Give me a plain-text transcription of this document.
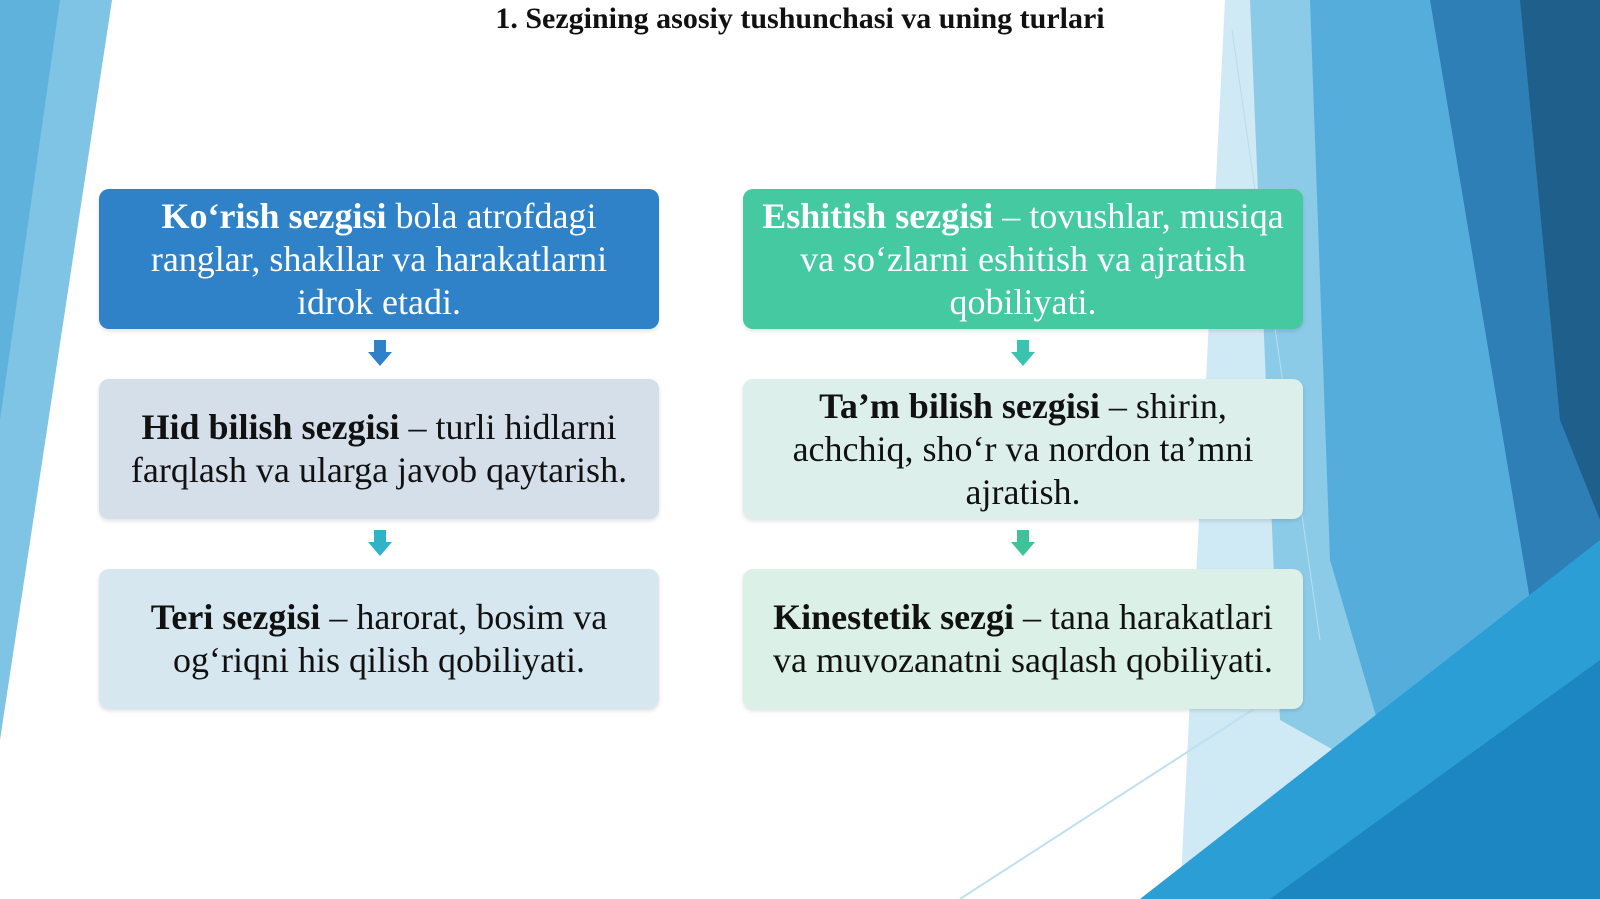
1. Sezgining asosiy tushunchasi va uning turlari
Ko‘rish sezgisi bola atrofdagi ranglar, shakllar va harakatlarni idrok etadi.
Hid bilish sezgisi – turli hidlarni farqlash va ularga javob qaytarish.
Teri sezgisi – harorat, bosim va og‘riqni his qilish qobiliyati.
Eshitish sezgisi – tovushlar, musiqa va so‘zlarni eshitish va ajratish qobiliyati.
Ta’m bilish sezgisi – shirin, achchiq, sho‘r va nordon ta’mni ajratish.
Kinestetik sezgi – tana harakatlari va muvozanatni saqlash qobiliyati.
